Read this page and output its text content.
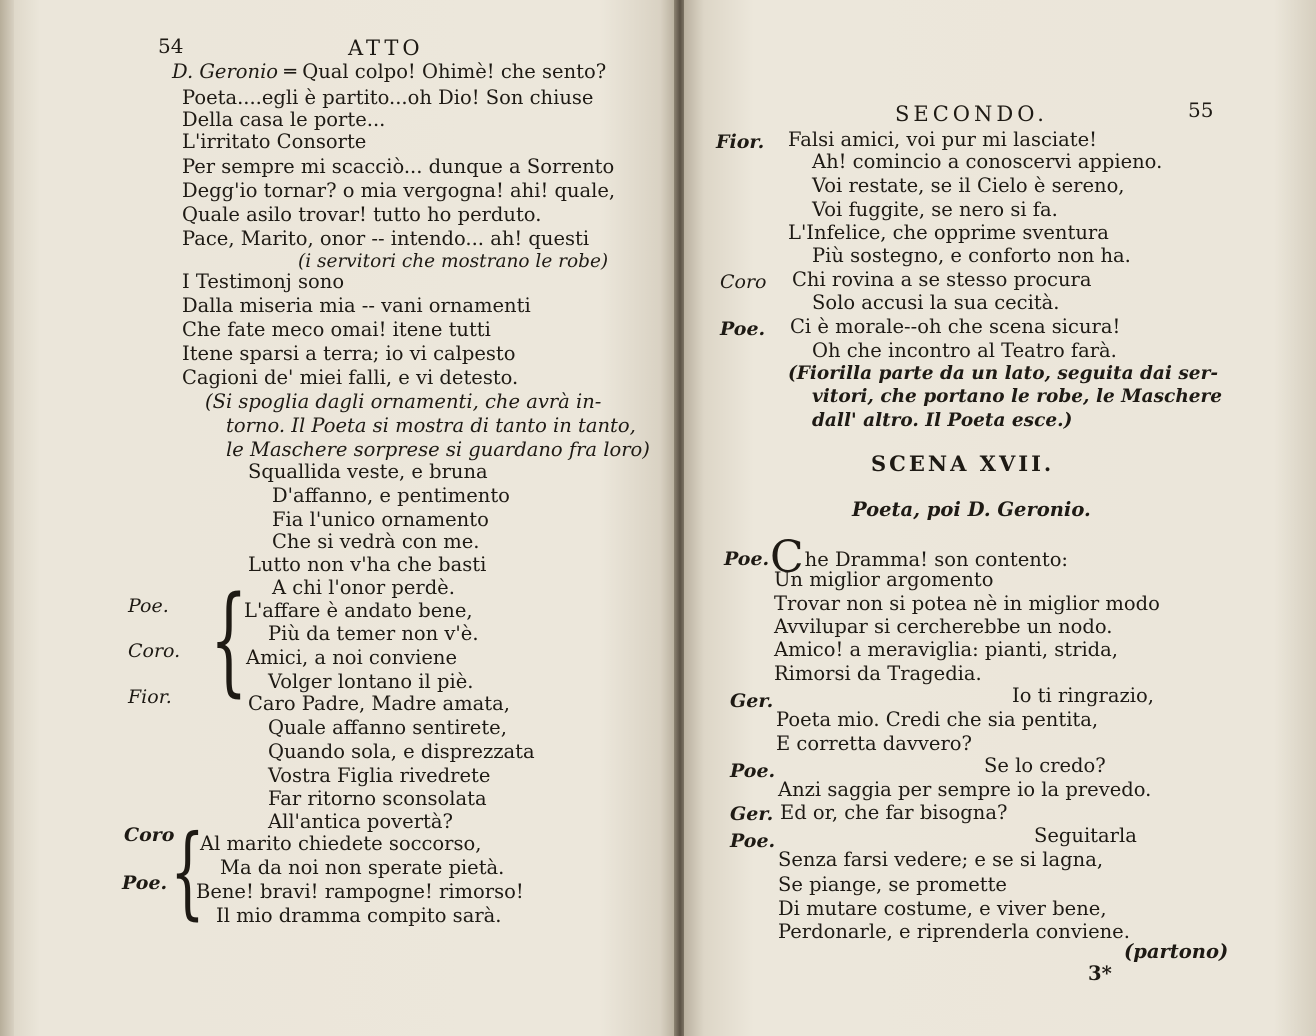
54	ATTO
D. Geronio ═ Qual colpo! Ohimè! che sento?
Poeta....egli è partito...oh Dio! Son chiuse
Della casa le porte...
L'irritato Consorte
Per sempre mi scacciò... dunque a Sorrento
Degg'io tornar? o mia vergogna! ahi! quale,
Quale asilo trovar! tutto ho perduto.
Pace, Marito, onor -- intendo... ah! questi
(i servitori che mostrano le robe)
I Testimonj sono
Dalla miseria mia -- vani ornamenti
Che fate meco omai! itene tutti
Itene sparsi a terra; io vi calpesto
Cagioni de' miei falli, e vi detesto.
(Si spoglia dagli ornamenti, che avrà in-
torno. Il Poeta si mostra di tanto in tanto,
le Maschere sorprese si guardano fra loro)
Squallida veste, e bruna
D'affanno, e pentimento
Fia l'unico ornamento
Che si vedrà con me.
Lutto non v'ha che basti
A chi l'onor perdè.
Poe.	L'affare è andato bene,
Più da temer non v'è.
Coro.	Amici, a noi conviene
Volger lontano il piè.
{
Fior.	Caro Padre, Madre amata,
Quale affanno sentirete,
Quando sola, e disprezzata
Vostra Figlia rivedrete
Far ritorno sconsolata
All'antica povertà?
Coro Al marito chiedete soccorso,
Ma da noi non sperate pietà.
Poe. Bene! bravi! rampogne! rimorso!
Il mio dramma compito sarà.
{
SECONDO.	55
Fior. Falsi amici, voi pur mi lasciate!
Ah! comincio a conoscervi appieno.
Voi restate, se il Cielo è sereno,
Voi fuggite, se nero si fa.
L'Infelice, che opprime sventura
Più sostegno, e conforto non ha.
Coro Chi rovina a se stesso procura
Solo accusi la sua cecità.
Poe. Ci è morale--oh che scena sicura!
Oh che incontro al Teatro farà.
(Fiorilla parte da un lato, seguita dai ser-
vitori, che portano le robe, le Maschere
dall' altro. Il Poeta esce.)
SCENA XVII.
Poeta, poi D. Geronio.
Poe. Che Dramma! son contento:
Un miglior argomento
Trovar non si potea nè in miglior modo
Avvilupar si cercherebbe un nodo.
Amico! a meraviglia: pianti, strida,
Rimorsi da Tragedia.
Ger.	Io ti ringrazio,
Poeta mio. Credi che sia pentita,
E corretta davvero?
Poe.	Se lo credo?
Anzi saggia per sempre io la prevedo.
Ger. Ed or, che far bisogna?
Poe.	Seguitarla
Senza farsi vedere; e se si lagna,
Se piange, se promette
Di mutare costume, e viver bene,
Perdonarle, e riprenderla conviene.
(partono)
3*
